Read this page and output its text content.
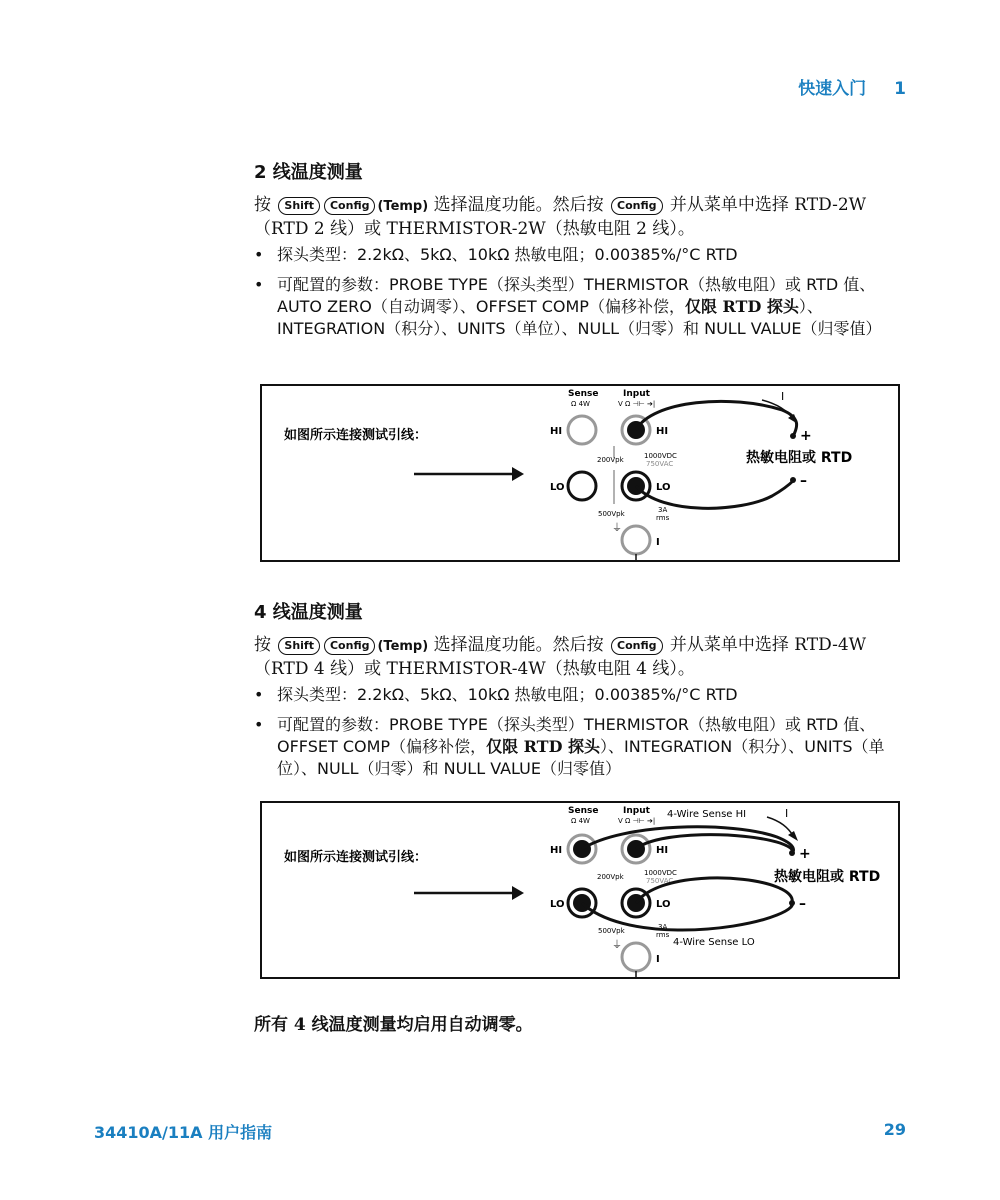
快速入门 1
2 线温度测量
按 Shift Config (Temp) 选择温度功能。然后按 Config 并从菜单中选择 RTD-2W
（RTD 2 线）或 THERMISTOR-2W（热敏电阻 2 线）。
• 探头类型：2.2kΩ、5kΩ、10kΩ 热敏电阻；0.00385%/°C RTD
• 可配置的参数：PROBE TYPE（探头类型）THERMISTOR（热敏电阻）或 RTD 值、AUTO ZERO（自动调零）、OFFSET COMP（偏移补偿，仅限 RTD 探头）、INTEGRATION（积分）、UNITS（单位）、NULL（归零）和 NULL VALUE（归零值）
如图所示连接测试引线：
Sense
Ω 4W
Input
V Ω ⊣⊢ ➔|
HI	HI
LO	LO
I
200Vpk	1000VDC
750VAC
500Vpk	3A
rms
⏚
I
+
–
热敏电阻或 RTD
4 线温度测量
按 Shift Config (Temp) 选择温度功能。然后按 Config 并从菜单中选择 RTD-4W
（RTD 4 线）或 THERMISTOR-4W（热敏电阻 4 线）。
• 探头类型：2.2kΩ、5kΩ、10kΩ 热敏电阻；0.00385%/°C RTD
• 可配置的参数：PROBE TYPE（探头类型）THERMISTOR（热敏电阻）或 RTD 值、OFFSET COMP（偏移补偿，仅限 RTD 探头）、INTEGRATION（积分）、UNITS（单位）、NULL（归零）和 NULL VALUE（归零值）
如图所示连接测试引线：
Sense
Ω 4W
Input
V Ω ⊣⊢ ➔|
4-Wire Sense HI
HI	HI
LO	LO
I
200Vpk	1000VDC
750VAC
500Vpk	3A
rms
⏚
I
+
–
热敏电阻或 RTD
4-Wire Sense LO
所有 4 线温度测量均启用自动调零。
34410A/11A 用户指南	29
